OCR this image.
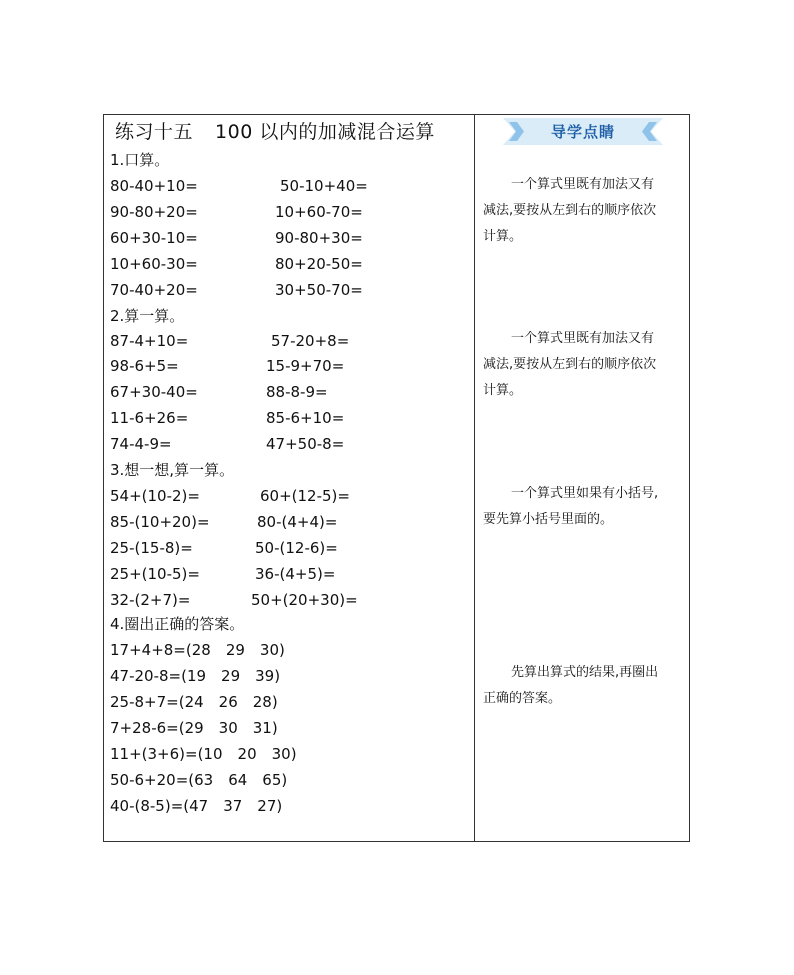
练习十五 100 以内的加减混合运算	导学点睛
1.口算。
80-40+10=
90-80+20=
60+30-10=
10+60-30=
70-40+20=
50-10+40=
10+60-70=
90-80+30=
80+20-50=
30+50-70=
2.算一算。
87-4+10=
98-6+5=
67+30-40=
11-6+26=
74-4-9=
57-20+8=
15-9+70=
88-8-9=
85-6+10=
47+50-8=
3.想一想,算一算。
54+(10-2)=
85-(10+20)=
25-(15-8)=
25+(10-5)=
32-(2+7)=
60+(12-5)=
80-(4+4)=
50-(12-6)=
36-(4+5)=
50+(20+30)=
4.圈出正确的答案。
17+4+8=(28　29　30)
47-20-8=(19　29　39)
25-8+7=(24　26　28)
7+28-6=(29　30　31)
11+(3+6)=(10　20　30)
50-6+20=(63　64　65)
40-(8-5)=(47　37　27)
一个算式里既有加法又有
减法,要按从左到右的顺序依次
计算。
一个算式里既有加法又有
减法,要按从左到右的顺序依次
计算。
一个算式里如果有小括号,
要先算小括号里面的。
先算出算式的结果,再圈出
正确的答案。
